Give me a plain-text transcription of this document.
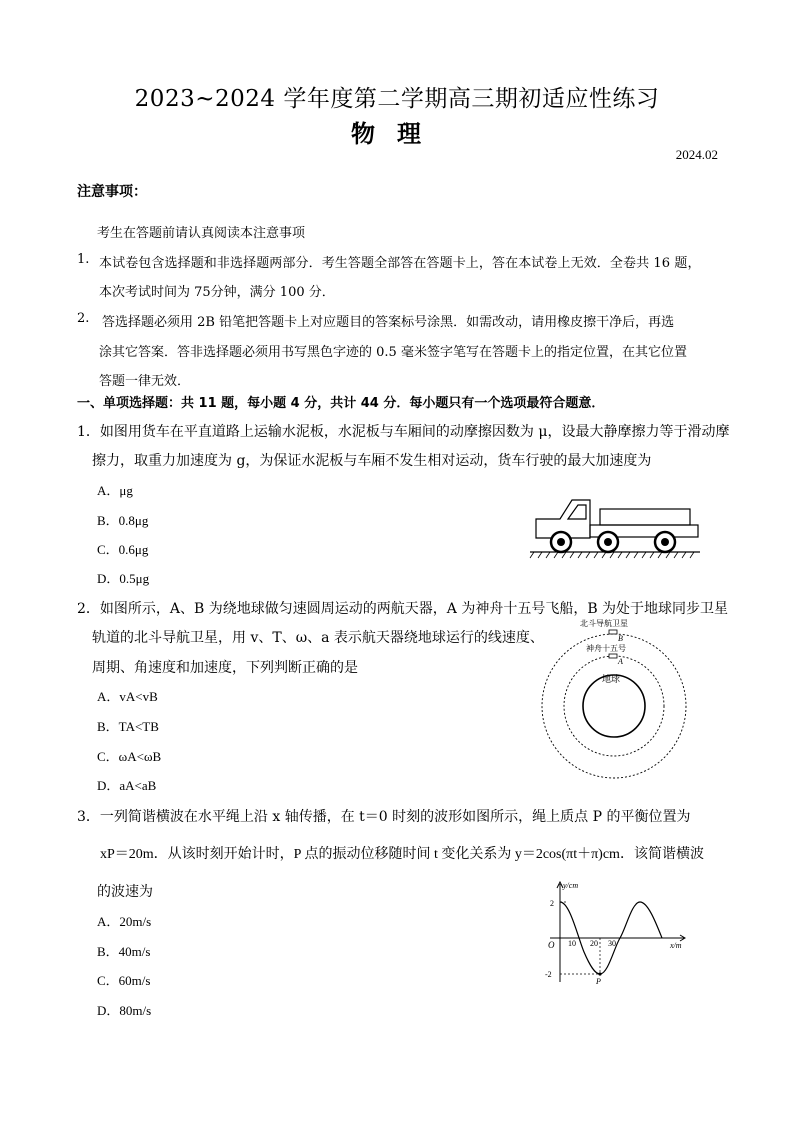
2023~2024 学年度第二学期高三期初适应性练习
物理
2024.02
注意事项：
考生在答题前请认真阅读本注意事项
1. 本试卷包含选择题和非选择题两部分．考生答题全部答在答题卡上，答在本试卷上无效．全卷共 16 题，
本次考试时间为 75分钟，满分 100 分．
2. 答选择题必须用 2B 铅笔把答题卡上对应题目的答案标号涂黑．如需改动，请用橡皮擦干净后，再选
涂其它答案．答非选择题必须用书写黑色字迹的 0.5 毫米签字笔写在答题卡上的指定位置，在其它位置
答题一律无效．
一、单项选择题：共 11 题，每小题 4 分，共计 44 分．每小题只有一个选项最符合题意．
1．如图用货车在平直道路上运输水泥板，水泥板与车厢间的动摩擦因数为 μ，设最大静摩擦力等于滑动摩
擦力，取重力加速度为 g，为保证水泥板与车厢不发生相对运动，货车行驶的最大加速度为
A．μg
B．0.8μg
C．0.6μg
D．0.5μg
2．如图所示，A、B 为绕地球做匀速圆周运动的两航天器，A 为神舟十五号飞船，B 为处于地球同步卫星
轨道的北斗导航卫星，用 v、T、ω、a 表示航天器绕地球运行的线速度、
周期、角速度和加速度，下列判断正确的是
A．vA<vB
B．TA<TB
C．ωA<ωB
D．aA<aB
北斗导航卫星
B
神舟十五号
A
地球
3．一列简谐横波在水平绳上沿 x 轴传播，在 t＝0 时刻的波形如图所示，绳上质点 P 的平衡位置为
xP＝20m．从该时刻开始计时，P 点的振动位移随时间 t 变化关系为 y＝2cos(πt＋π)cm．该简谐横波
的波速为
A．20m/s
B．40m/s
C．60m/s
D．80m/s
y/cm
x/m
O 10 20 30
2
-2
P
